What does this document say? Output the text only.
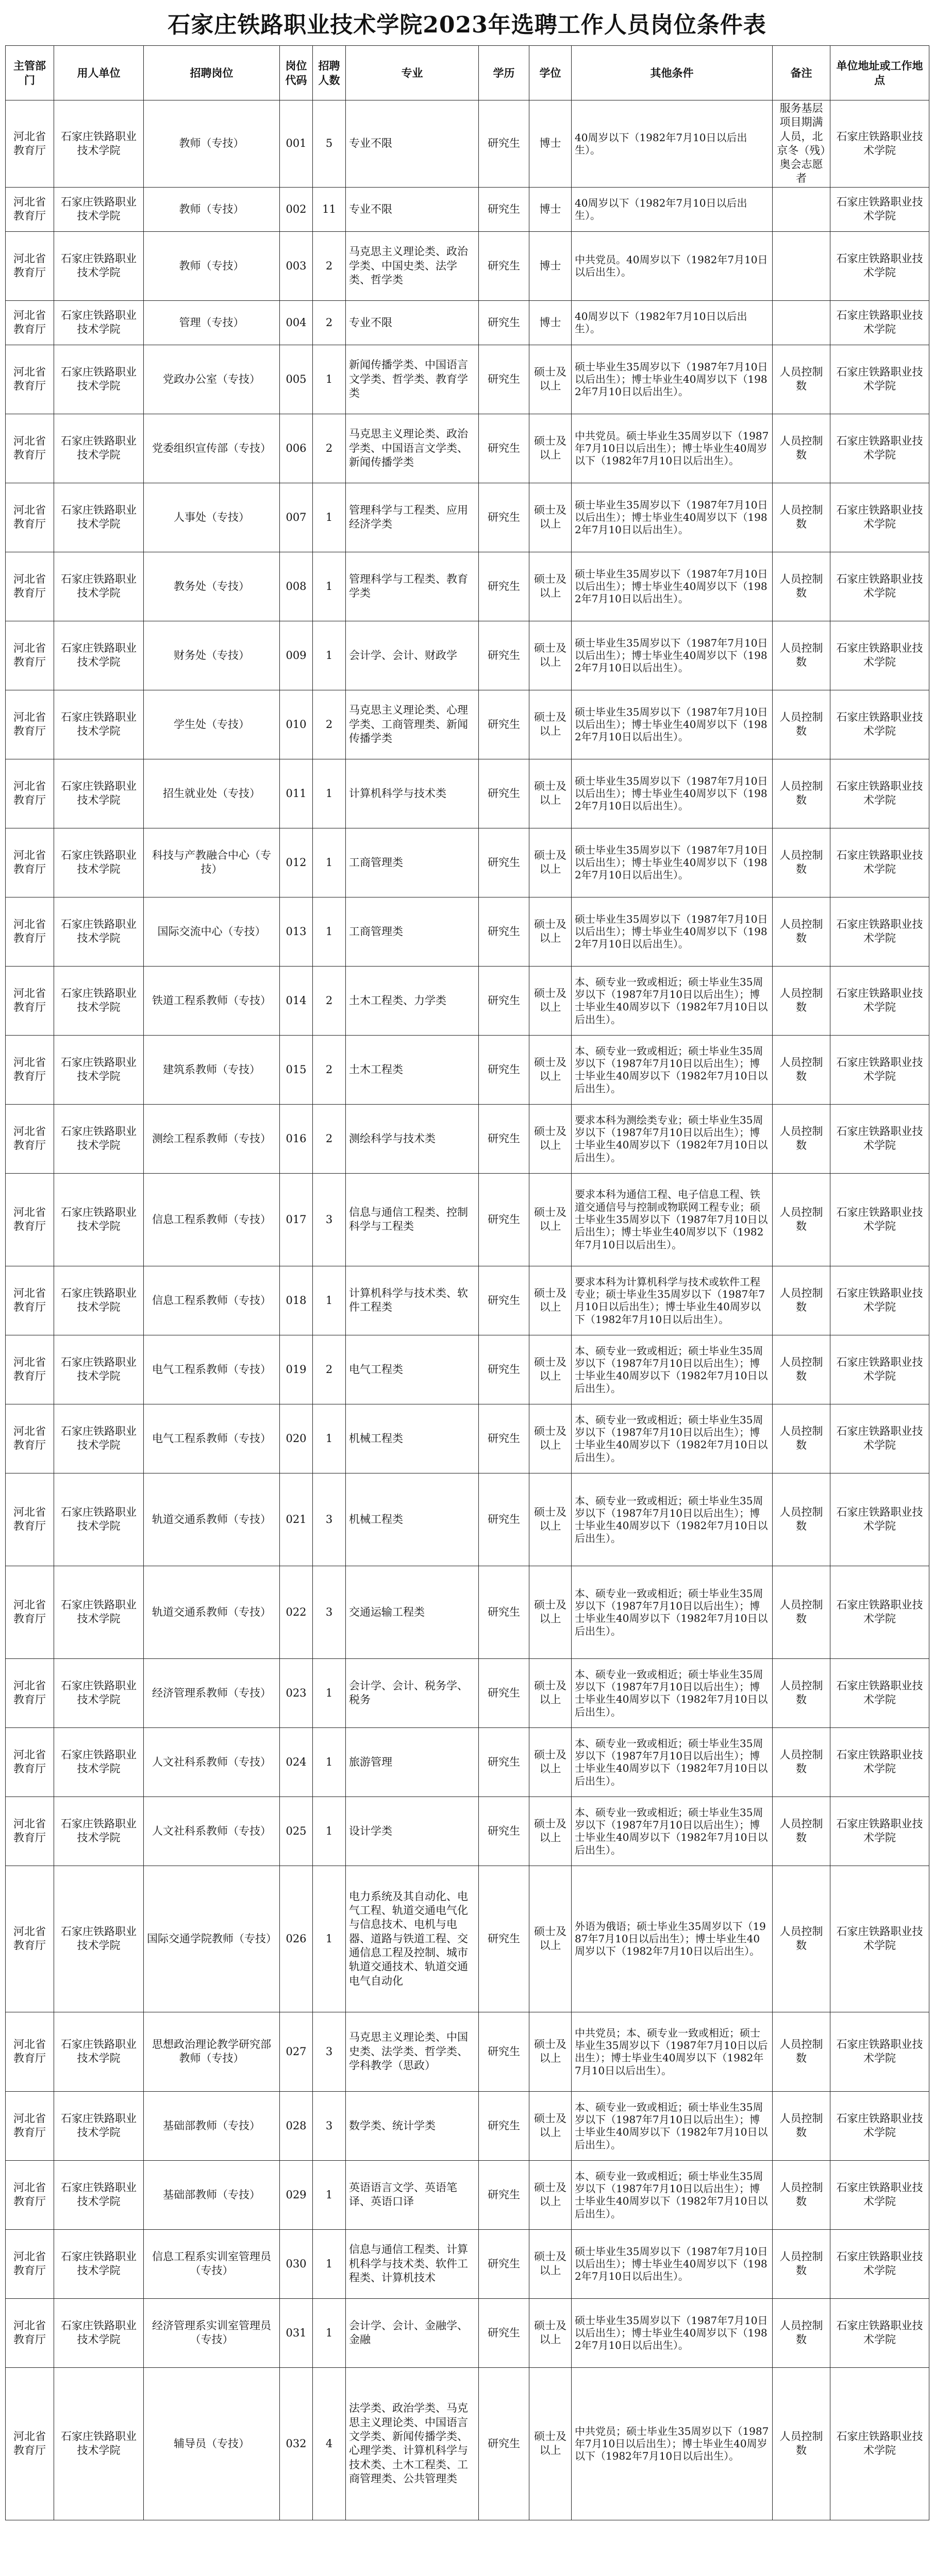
石家庄铁路职业技术学院2023年选聘工作人员岗位条件表
主管部门	用人单位	招聘岗位	岗位代码	招聘人数	专业	学历	学位	其他条件	备注	单位地址或工作地点
河北省教育厅	石家庄铁路职业技术学院	教师（专技）	001	5	专业不限	研究生	博士	40周岁以下（1982年7月10日以后出生）。	服务基层项目期满人员，北京冬（残）奥会志愿者	石家庄铁路职业技术学院
河北省教育厅	石家庄铁路职业技术学院	教师（专技）	002	11	专业不限	研究生	博士	40周岁以下（1982年7月10日以后出生）。		石家庄铁路职业技术学院
河北省教育厅	石家庄铁路职业技术学院	教师（专技）	003	2	马克思主义理论类、政治学类、中国史类、法学类、哲学类	研究生	博士	中共党员。40周岁以下（1982年7月10日以后出生）。		石家庄铁路职业技术学院
河北省教育厅	石家庄铁路职业技术学院	管理（专技）	004	2	专业不限	研究生	博士	40周岁以下（1982年7月10日以后出生）。		石家庄铁路职业技术学院
河北省教育厅	石家庄铁路职业技术学院	党政办公室（专技）	005	1	新闻传播学类、中国语言文学类、哲学类、教育学类	研究生	硕士及以上	硕士毕业生35周岁以下（1987年7月10日以后出生）；博士毕业生40周岁以下（1982年7月10日以后出生）。	人员控制数	石家庄铁路职业技术学院
河北省教育厅	石家庄铁路职业技术学院	党委组织宣传部（专技）	006	2	马克思主义理论类、政治学类、中国语言文学类、新闻传播学类	研究生	硕士及以上	中共党员。硕士毕业生35周岁以下（1987年7月10日以后出生）；博士毕业生40周岁以下（1982年7月10日以后出生）。	人员控制数	石家庄铁路职业技术学院
河北省教育厅	石家庄铁路职业技术学院	人事处（专技）	007	1	管理科学与工程类、应用经济学类	研究生	硕士及以上	硕士毕业生35周岁以下（1987年7月10日以后出生）；博士毕业生40周岁以下（1982年7月10日以后出生）。	人员控制数	石家庄铁路职业技术学院
河北省教育厅	石家庄铁路职业技术学院	教务处（专技）	008	1	管理科学与工程类、教育学类	研究生	硕士及以上	硕士毕业生35周岁以下（1987年7月10日以后出生）；博士毕业生40周岁以下（1982年7月10日以后出生）。	人员控制数	石家庄铁路职业技术学院
河北省教育厅	石家庄铁路职业技术学院	财务处（专技）	009	1	会计学、会计、财政学	研究生	硕士及以上	硕士毕业生35周岁以下（1987年7月10日以后出生）；博士毕业生40周岁以下（1982年7月10日以后出生）。	人员控制数	石家庄铁路职业技术学院
河北省教育厅	石家庄铁路职业技术学院	学生处（专技）	010	2	马克思主义理论类、心理学类、工商管理类、新闻传播学类	研究生	硕士及以上	硕士毕业生35周岁以下（1987年7月10日以后出生）；博士毕业生40周岁以下（1982年7月10日以后出生）。	人员控制数	石家庄铁路职业技术学院
河北省教育厅	石家庄铁路职业技术学院	招生就业处（专技）	011	1	计算机科学与技术类	研究生	硕士及以上	硕士毕业生35周岁以下（1987年7月10日以后出生）；博士毕业生40周岁以下（1982年7月10日以后出生）。	人员控制数	石家庄铁路职业技术学院
河北省教育厅	石家庄铁路职业技术学院	科技与产教融合中心（专技）	012	1	工商管理类	研究生	硕士及以上	硕士毕业生35周岁以下（1987年7月10日以后出生）；博士毕业生40周岁以下（1982年7月10日以后出生）。	人员控制数	石家庄铁路职业技术学院
河北省教育厅	石家庄铁路职业技术学院	国际交流中心（专技）	013	1	工商管理类	研究生	硕士及以上	硕士毕业生35周岁以下（1987年7月10日以后出生）；博士毕业生40周岁以下（1982年7月10日以后出生）。	人员控制数	石家庄铁路职业技术学院
河北省教育厅	石家庄铁路职业技术学院	铁道工程系教师（专技）	014	2	土木工程类、力学类	研究生	硕士及以上	本、硕专业一致或相近；硕士毕业生35周岁以下（1987年7月10日以后出生）；博士毕业生40周岁以下（1982年7月10日以后出生）。	人员控制数	石家庄铁路职业技术学院
河北省教育厅	石家庄铁路职业技术学院	建筑系教师（专技）	015	2	土木工程类	研究生	硕士及以上	本、硕专业一致或相近；硕士毕业生35周岁以下（1987年7月10日以后出生）；博士毕业生40周岁以下（1982年7月10日以后出生）。	人员控制数	石家庄铁路职业技术学院
河北省教育厅	石家庄铁路职业技术学院	测绘工程系教师（专技）	016	2	测绘科学与技术类	研究生	硕士及以上	要求本科为测绘类专业；硕士毕业生35周岁以下（1987年7月10日以后出生）；博士毕业生40周岁以下（1982年7月10日以后出生）。	人员控制数	石家庄铁路职业技术学院
河北省教育厅	石家庄铁路职业技术学院	信息工程系教师（专技）	017	3	信息与通信工程类、控制科学与工程类	研究生	硕士及以上	要求本科为通信工程、电子信息工程、铁道交通信号与控制或物联网工程专业；硕士毕业生35周岁以下（1987年7月10日以后出生）；博士毕业生40周岁以下（1982年7月10日以后出生）。	人员控制数	石家庄铁路职业技术学院
河北省教育厅	石家庄铁路职业技术学院	信息工程系教师（专技）	018	1	计算机科学与技术类、软件工程类	研究生	硕士及以上	要求本科为计算机科学与技术或软件工程专业；硕士毕业生35周岁以下（1987年7月10日以后出生）；博士毕业生40周岁以下（1982年7月10日以后出生）。	人员控制数	石家庄铁路职业技术学院
河北省教育厅	石家庄铁路职业技术学院	电气工程系教师（专技）	019	2	电气工程类	研究生	硕士及以上	本、硕专业一致或相近；硕士毕业生35周岁以下（1987年7月10日以后出生）；博士毕业生40周岁以下（1982年7月10日以后出生）。	人员控制数	石家庄铁路职业技术学院
河北省教育厅	石家庄铁路职业技术学院	电气工程系教师（专技）	020	1	机械工程类	研究生	硕士及以上	本、硕专业一致或相近；硕士毕业生35周岁以下（1987年7月10日以后出生）；博士毕业生40周岁以下（1982年7月10日以后出生）。	人员控制数	石家庄铁路职业技术学院
河北省教育厅	石家庄铁路职业技术学院	轨道交通系教师（专技）	021	3	机械工程类	研究生	硕士及以上	本、硕专业一致或相近；硕士毕业生35周岁以下（1987年7月10日以后出生）；博士毕业生40周岁以下（1982年7月10日以后出生）。	人员控制数	石家庄铁路职业技术学院
河北省教育厅	石家庄铁路职业技术学院	轨道交通系教师（专技）	022	3	交通运输工程类	研究生	硕士及以上	本、硕专业一致或相近；硕士毕业生35周岁以下（1987年7月10日以后出生）；博士毕业生40周岁以下（1982年7月10日以后出生）。	人员控制数	石家庄铁路职业技术学院
河北省教育厅	石家庄铁路职业技术学院	经济管理系教师（专技）	023	1	会计学、会计、税务学、税务	研究生	硕士及以上	本、硕专业一致或相近；硕士毕业生35周岁以下（1987年7月10日以后出生）；博士毕业生40周岁以下（1982年7月10日以后出生）。	人员控制数	石家庄铁路职业技术学院
河北省教育厅	石家庄铁路职业技术学院	人文社科系教师（专技）	024	1	旅游管理	研究生	硕士及以上	本、硕专业一致或相近；硕士毕业生35周岁以下（1987年7月10日以后出生）；博士毕业生40周岁以下（1982年7月10日以后出生）。	人员控制数	石家庄铁路职业技术学院
河北省教育厅	石家庄铁路职业技术学院	人文社科系教师（专技）	025	1	设计学类	研究生	硕士及以上	本、硕专业一致或相近；硕士毕业生35周岁以下（1987年7月10日以后出生）；博士毕业生40周岁以下（1982年7月10日以后出生）。	人员控制数	石家庄铁路职业技术学院
河北省教育厅	石家庄铁路职业技术学院	国际交通学院教师（专技）	026	1	电力系统及其自动化、电气工程、轨道交通电气化与信息技术、电机与电器、道路与铁道工程、交通信息工程及控制、城市轨道交通技术、轨道交通电气自动化	研究生	硕士及以上	外语为俄语；硕士毕业生35周岁以下（1987年7月10日以后出生）；博士毕业生40周岁以下（1982年7月10日以后出生）。	人员控制数	石家庄铁路职业技术学院
河北省教育厅	石家庄铁路职业技术学院	思想政治理论教学研究部教师（专技）	027	3	马克思主义理论类、中国史类、法学类、哲学类、学科教学（思政）	研究生	硕士及以上	中共党员；本、硕专业一致或相近；硕士毕业生35周岁以下（1987年7月10日以后出生）；博士毕业生40周岁以下（1982年7月10日以后出生）。	人员控制数	石家庄铁路职业技术学院
河北省教育厅	石家庄铁路职业技术学院	基础部教师（专技）	028	3	数学类、统计学类	研究生	硕士及以上	本、硕专业一致或相近；硕士毕业生35周岁以下（1987年7月10日以后出生）；博士毕业生40周岁以下（1982年7月10日以后出生）。	人员控制数	石家庄铁路职业技术学院
河北省教育厅	石家庄铁路职业技术学院	基础部教师（专技）	029	1	英语语言文学、英语笔译、英语口译	研究生	硕士及以上	本、硕专业一致或相近；硕士毕业生35周岁以下（1987年7月10日以后出生）；博士毕业生40周岁以下（1982年7月10日以后出生）。	人员控制数	石家庄铁路职业技术学院
河北省教育厅	石家庄铁路职业技术学院	信息工程系实训室管理员（专技）	030	1	信息与通信工程类、计算机科学与技术类、软件工程类、计算机技术	研究生	硕士及以上	硕士毕业生35周岁以下（1987年7月10日以后出生）；博士毕业生40周岁以下（1982年7月10日以后出生）。	人员控制数	石家庄铁路职业技术学院
河北省教育厅	石家庄铁路职业技术学院	经济管理系实训室管理员（专技）	031	1	会计学、会计、金融学、金融	研究生	硕士及以上	硕士毕业生35周岁以下（1987年7月10日以后出生）；博士毕业生40周岁以下（1982年7月10日以后出生）。	人员控制数	石家庄铁路职业技术学院
河北省教育厅	石家庄铁路职业技术学院	辅导员（专技）	032	4	法学类、政治学类、马克思主义理论类、中国语言文学类、新闻传播学类、心理学类、计算机科学与技术类、土木工程类、工商管理类、公共管理类	研究生	硕士及以上	中共党员；硕士毕业生35周岁以下（1987年7月10日以后出生）；博士毕业生40周岁以下（1982年7月10日以后出生）。	人员控制数	石家庄铁路职业技术学院
